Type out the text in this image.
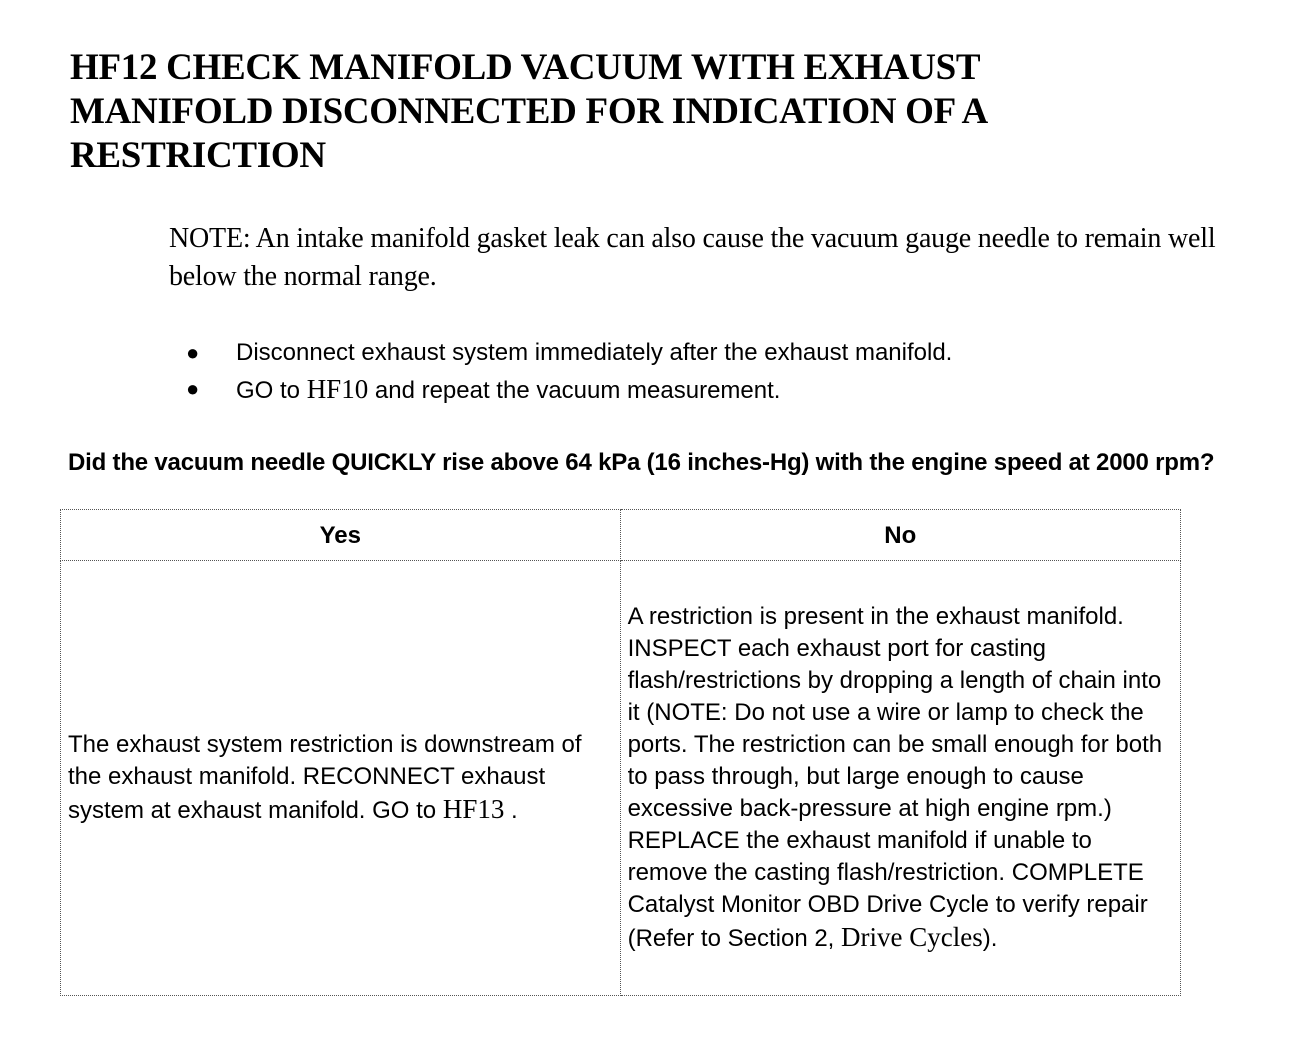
HF12 CHECK MANIFOLD VACUUM WITH EXHAUST MANIFOLD DISCONNECTED FOR INDICATION OF A RESTRICTION

NOTE: An intake manifold gasket leak can also cause the vacuum gauge needle to remain well below the normal range.

● Disconnect exhaust system immediately after the exhaust manifold.
● GO to HF10 and repeat the vacuum measurement.

Did the vacuum needle QUICKLY rise above 64 kPa (16 inches-Hg) with the engine speed at 2000 rpm?

Yes	No
The exhaust system restriction is downstream of the exhaust manifold. RECONNECT exhaust system at exhaust manifold. GO to HF13 .	A restriction is present in the exhaust manifold. INSPECT each exhaust port for casting flash/restrictions by dropping a length of chain into it (NOTE: Do not use a wire or lamp to check the ports. The restriction can be small enough for both to pass through, but large enough to cause excessive back-pressure at high engine rpm.) REPLACE the exhaust manifold if unable to remove the casting flash/restriction. COMPLETE Catalyst Monitor OBD Drive Cycle to verify repair (Refer to Section 2, Drive Cycles).
